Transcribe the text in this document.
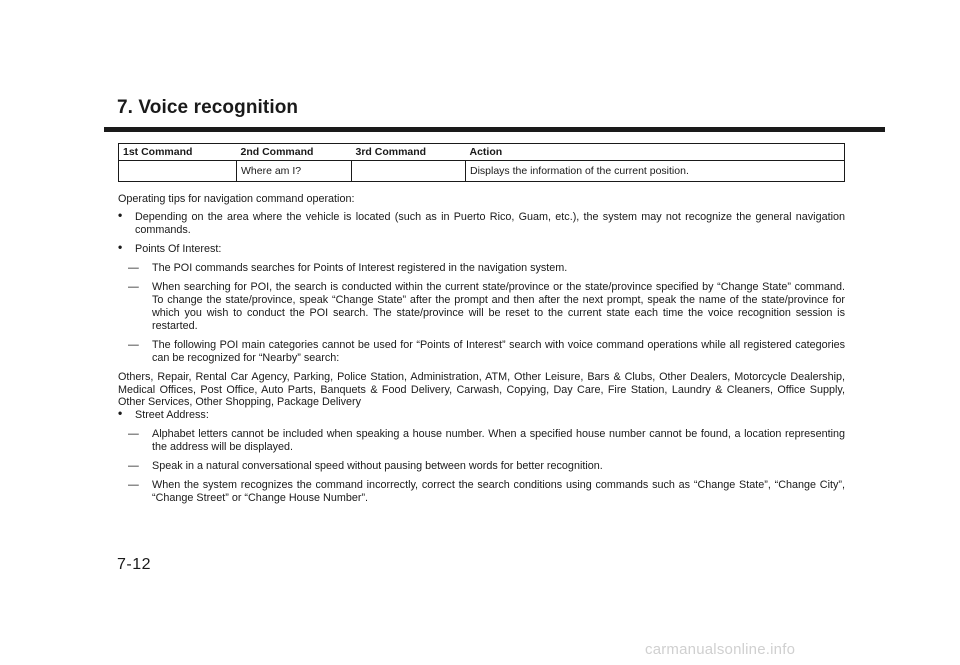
7. Voice recognition
1st Command	2nd Command	3rd Command	Action
	Where am I?		Displays the information of the current position.

Operating tips for navigation command operation:

•
Depending on the area where the vehicle is located (such as in Puerto Rico, Guam, etc.), the system may not recognize the general navigation commands.
•
Points Of Interest:
—
The POI commands searches for Points of Interest registered in the navigation system.
—
When searching for POI, the search is conducted within the current state/province or the state/province specified by “Change State” command. To change the state/province, speak “Change State” after the prompt and then after the next prompt, speak the name of the state/province for which you wish to conduct the POI search. The state/province will be reset to the current state each time the voice recognition session is restarted.
—
The following POI main categories cannot be used for “Points of Interest” search with voice command operations while all registered categories can be recognized for “Nearby” search:

Others, Repair, Rental Car Agency, Parking, Police Station, Administration, ATM, Other Leisure, Bars & Clubs, Other Dealers, Motorcycle Dealership, Medical Offices, Post Office, Auto Parts, Banquets & Food Delivery, Carwash, Copying, Day Care, Fire Station, Laundry & Cleaners, Office Supply, Other Services, Other Shopping, Package Delivery

•
Street Address:
—
Alphabet letters cannot be included when speaking a house number. When a specified house number cannot be found, a location representing the address will be displayed.
—
Speak in a natural conversational speed without pausing between words for better recognition.
—
When the system recognizes the command incorrectly, correct the search conditions using commands such as “Change State”, “Change City”, “Change Street” or “Change House Number”.

7-12

carmanualsonline.info
